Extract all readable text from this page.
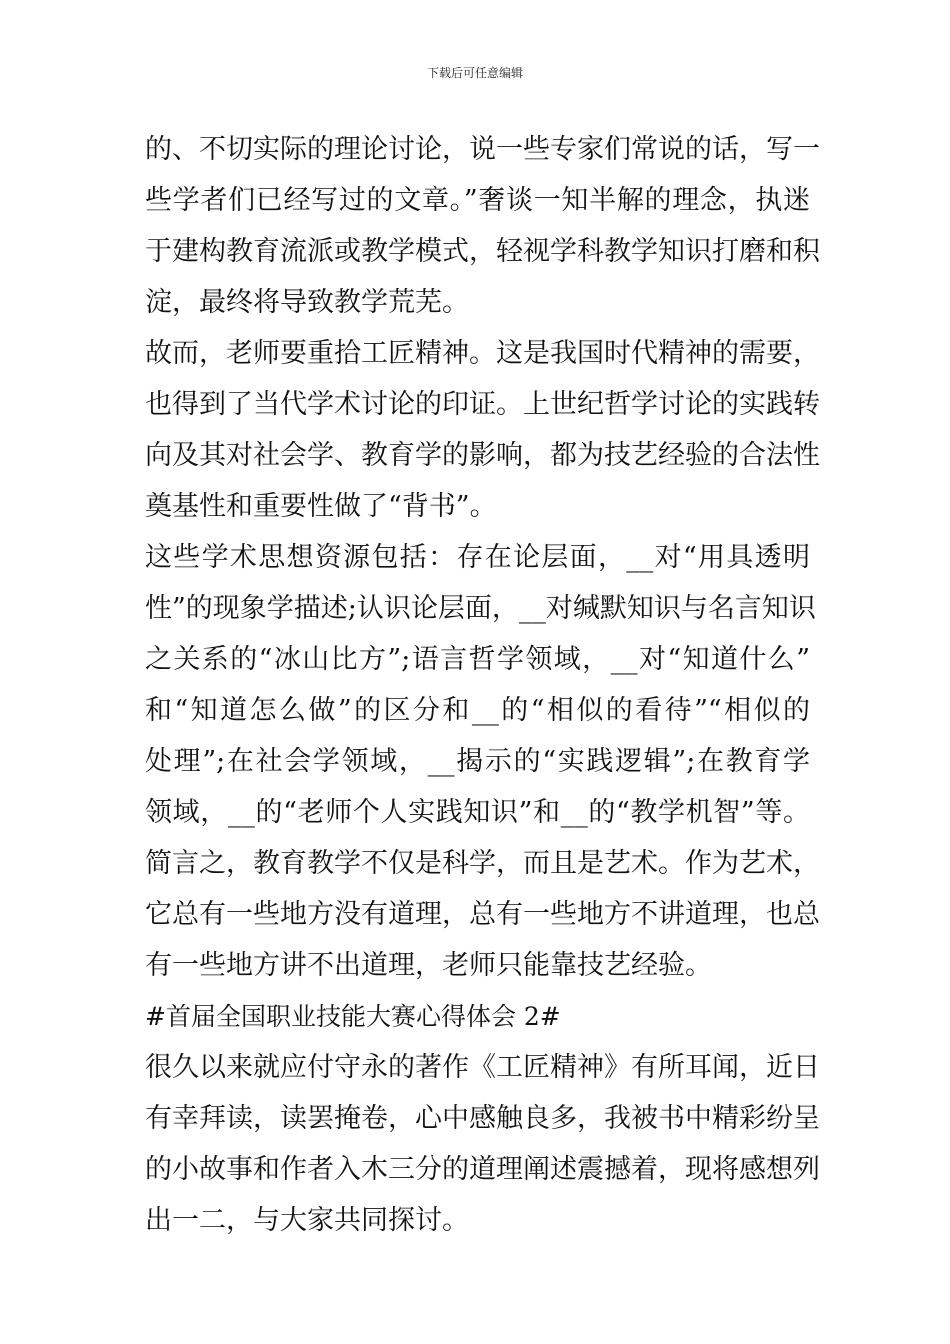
下载后可任意编辑
的、不切实际的理论讨论，说一些专家们常说的话，写一
些学者们已经写过的文章。”奢谈一知半解的理念，执迷
于建构教育流派或教学模式，轻视学科教学知识打磨和积
淀，最终将导致教学荒芜。
故而，老师要重拾工匠精神。这是我国时代精神的需要，
也得到了当代学术讨论的印证。上世纪哲学讨论的实践转
向及其对社会学、教育学的影响，都为技艺经验的合法性
奠基性和重要性做了“背书”。
这些学术思想资源包括：存在论层面，__对“用具透明
性”的现象学描述;认识论层面，__对缄默知识与名言知识
之关系的“冰山比方”;语言哲学领域，__对“知道什么”
和“知道怎么做”的区分和__的“相似的看待”“相似的
处理”;在社会学领域，__揭示的“实践逻辑”;在教育学
领域，__的“老师个人实践知识”和__的“教学机智”等。
简言之，教育教学不仅是科学，而且是艺术。作为艺术，
它总有一些地方没有道理，总有一些地方不讲道理，也总
有一些地方讲不出道理，老师只能靠技艺经验。
#首届全国职业技能大赛心得体会 2#
很久以来就应付守永的著作《工匠精神》有所耳闻，近日
有幸拜读，读罢掩卷，心中感触良多，我被书中精彩纷呈
的小故事和作者入木三分的道理阐述震撼着，现将感想列
出一二，与大家共同探讨。
